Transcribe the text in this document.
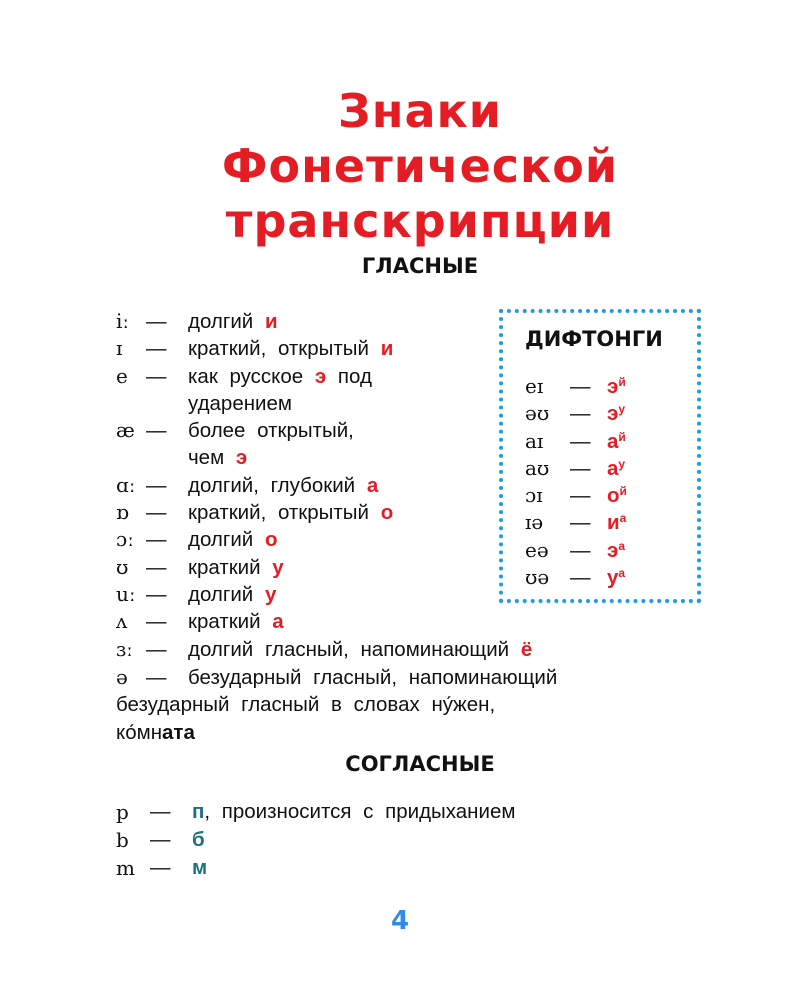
Знаки
Фонетической
транскрипции
ГЛАСНЫЕ
iː — долгий и
ɪ — краткий, открытый и
e — как русское э под
ударением
æ — более открытый,
чем э
ɑː — долгий, глубокий а
ɒ — краткий, открытый о
ɔː — долгий о
ʊ — краткий у
uː — долгий у
ʌ — краткий а
ɜː — долгий гласный, напоминающий ё
ə — безударный гласный, напоминающий
безударный гласный в словах ну́жен,
ко́мната
ДИФТОНГИ
eɪ — $э^й$
əʊ — $э^у$
aɪ — $а^й$
aʊ — $а^у$
ɔɪ — $о^й$
ɪə — $и^а$
eə — $э^а$
ʊə — $у^а$
СОГЛАСНЫЕ
p — п, произносится с придыханием
b — б
m — м
4
